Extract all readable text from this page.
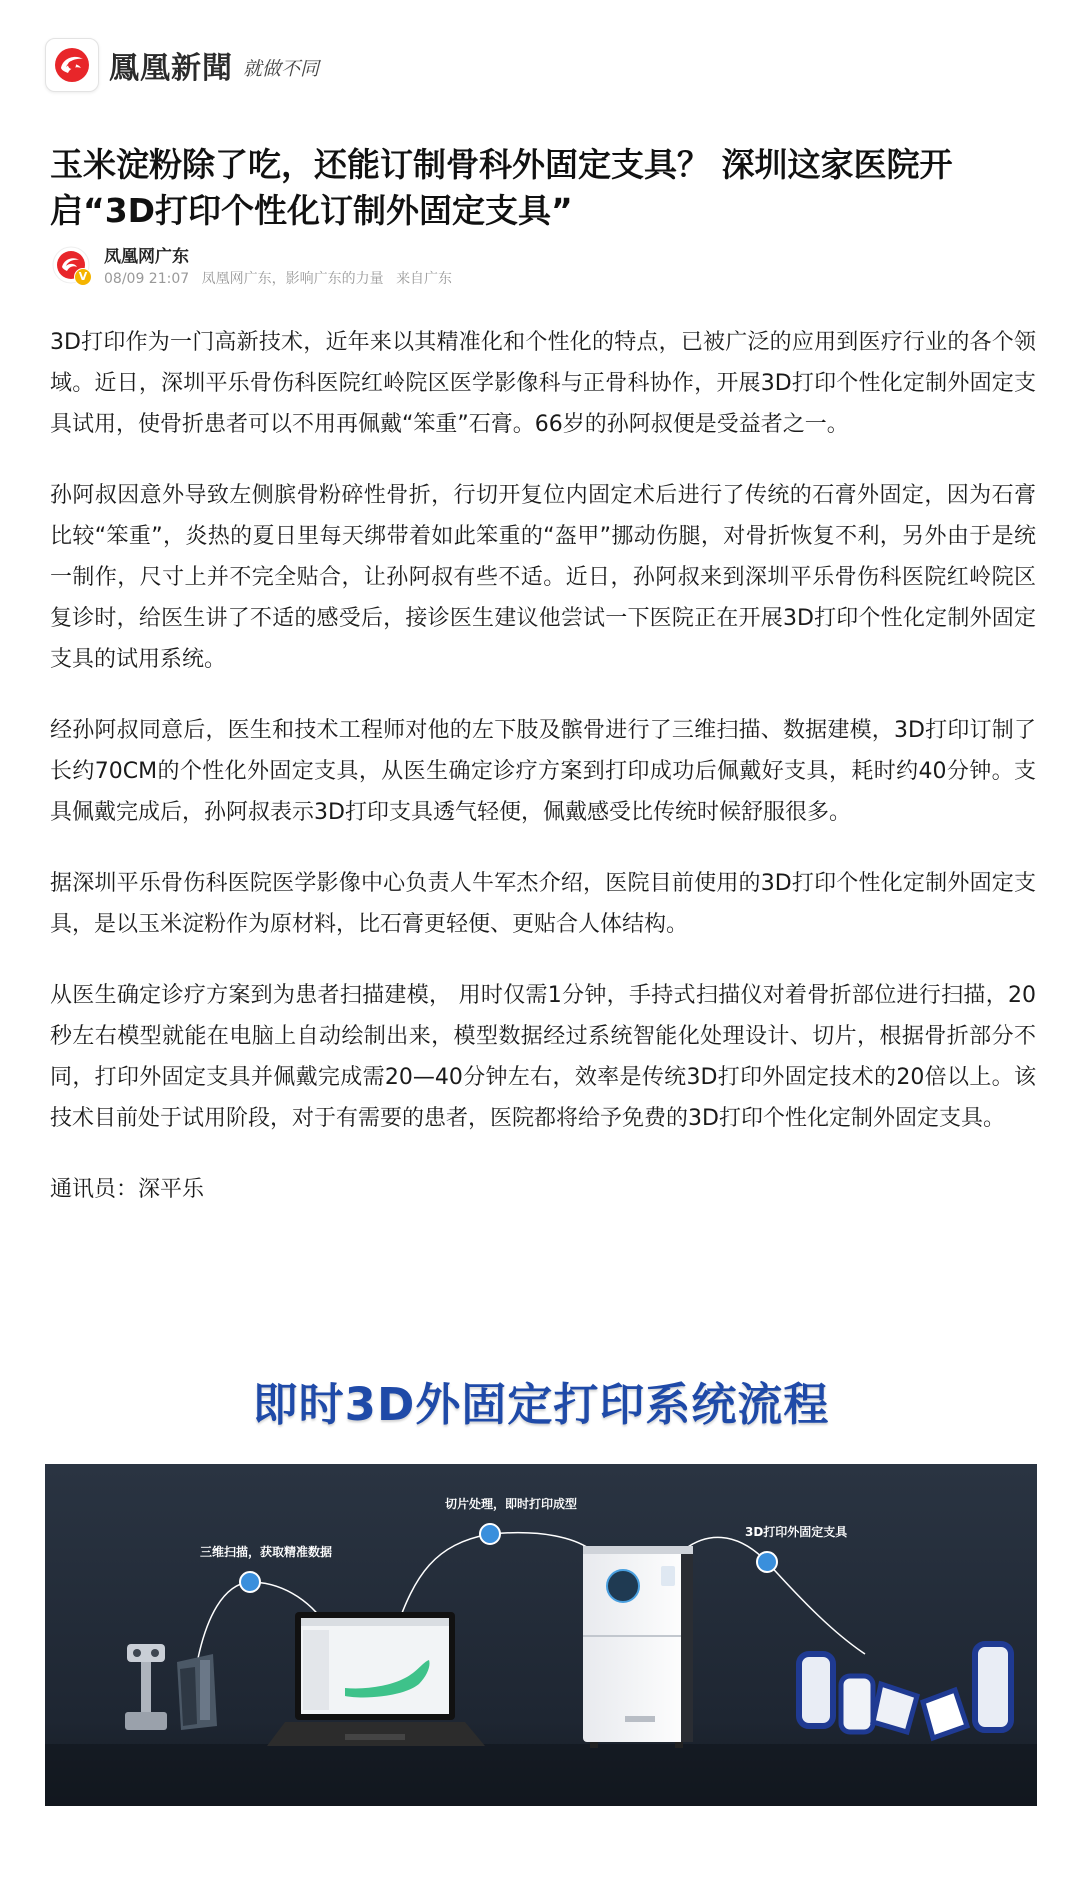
鳳凰新聞 就做不同
玉米淀粉除了吃，还能订制骨科外固定支具？ 深圳这家医院开启“3D打印个性化订制外固定支具”
V
凤凰网广东
08/09 21:07 凤凰网广东，影响广东的力量 来自广东

3D打印作为一门高新技术，近年来以其精准化和个性化的特点，已被广泛的应用到医疗行业的各个领域。近日，深圳平乐骨伤科医院红岭院区医学影像科与正骨科协作，开展3D打印个性化定制外固定支具试用，使骨折患者可以不用再佩戴“笨重”石膏。66岁的孙阿叔便是受益者之一。

孙阿叔因意外导致左侧膑骨粉碎性骨折，行切开复位内固定术后进行了传统的石膏外固定，因为石膏比较“笨重”，炎热的夏日里每天绑带着如此笨重的“盔甲”挪动伤腿，对骨折恢复不利，另外由于是统一制作，尺寸上并不完全贴合，让孙阿叔有些不适。近日，孙阿叔来到深圳平乐骨伤科医院红岭院区复诊时，给医生讲了不适的感受后，接诊医生建议他尝试一下医院正在开展3D打印个性化定制外固定支具的试用系统。

经孙阿叔同意后，医生和技术工程师对他的左下肢及髌骨进行了三维扫描、数据建模，3D打印订制了长约70CM的个性化外固定支具，从医生确定诊疗方案到打印成功后佩戴好支具，耗时约40分钟。支具佩戴完成后，孙阿叔表示3D打印支具透气轻便，佩戴感受比传统时候舒服很多。

据深圳平乐骨伤科医院医学影像中心负责人牛军杰介绍，医院目前使用的3D打印个性化定制外固定支具，是以玉米淀粉作为原材料，比石膏更轻便、更贴合人体结构。

从医生确定诊疗方案到为患者扫描建模， 用时仅需1分钟，手持式扫描仪对着骨折部位进行扫描，20秒左右模型就能在电脑上自动绘制出来，模型数据经过系统智能化处理设计、切片，根据骨折部分不同，打印外固定支具并佩戴完成需20—40分钟左右，效率是传统3D打印外固定技术的20倍以上。该技术目前处于试用阶段，对于有需要的患者，医院都将给予免费的3D打印个性化定制外固定支具。

通讯员：深平乐

即时3D外固定打印系统流程
三维扫描，获取精准数据
切片处理，即时打印成型
3D打印外固定支具
